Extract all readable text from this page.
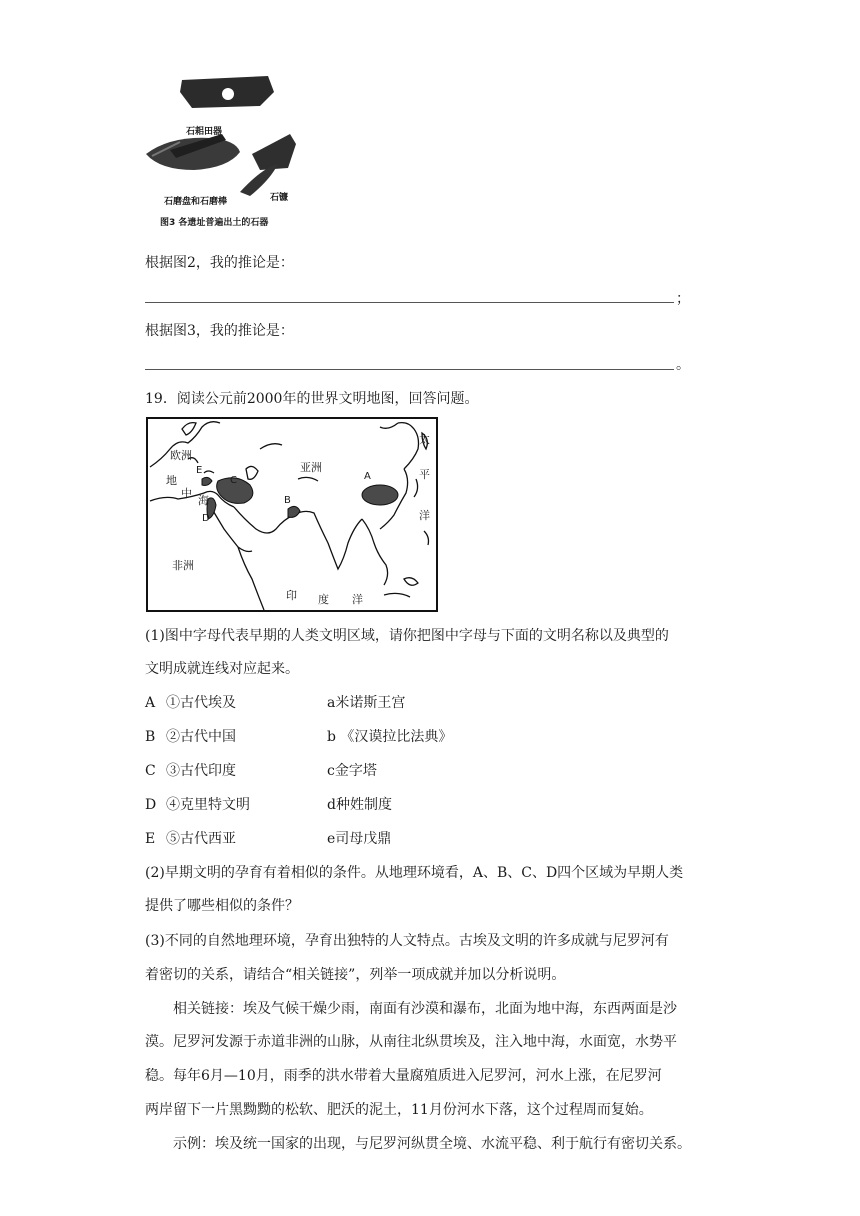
石耜田器
石磨盘和石磨棒	石镰
图3 各遗址普遍出土的石器
根据图2，我的推论是：
；
根据图3，我的推论是：
。
19．阅读公元前2000年的世界文明地图，回答问题。
欧洲
亚洲
非洲
地
中
海
太
平
洋
印 度 洋
A
B
C
D
E
(1)图中字母代表早期的人类文明区域，请你把图中字母与下面的文明名称以及典型的
文明成就连线对应起来。
A ①古代埃及	a米诺斯王宫
B ②古代中国	b 《汉谟拉比法典》
C ③古代印度	c金字塔
D ④克里特文明	d种姓制度
E ⑤古代西亚	e司母戊鼎
(2)早期文明的孕育有着相似的条件。从地理环境看，A、B、C、D四个区域为早期人类
提供了哪些相似的条件？
(3)不同的自然地理环境，孕育出独特的人文特点。古埃及文明的许多成就与尼罗河有
着密切的关系，请结合“相关链接”，列举一项成就并加以分析说明。
相关链接：埃及气候干燥少雨，南面有沙漠和瀑布，北面为地中海，东西两面是沙
漠。尼罗河发源于赤道非洲的山脉，从南往北纵贯埃及，注入地中海，水面宽，水势平
稳。每年6月—10月，雨季的洪水带着大量腐殖质进入尼罗河，河水上涨，在尼罗河
两岸留下一片黑黝黝的松软、肥沃的泥土，11月份河水下落，这个过程周而复始。
示例：埃及统一国家的出现，与尼罗河纵贯全境、水流平稳、利于航行有密切关系。
